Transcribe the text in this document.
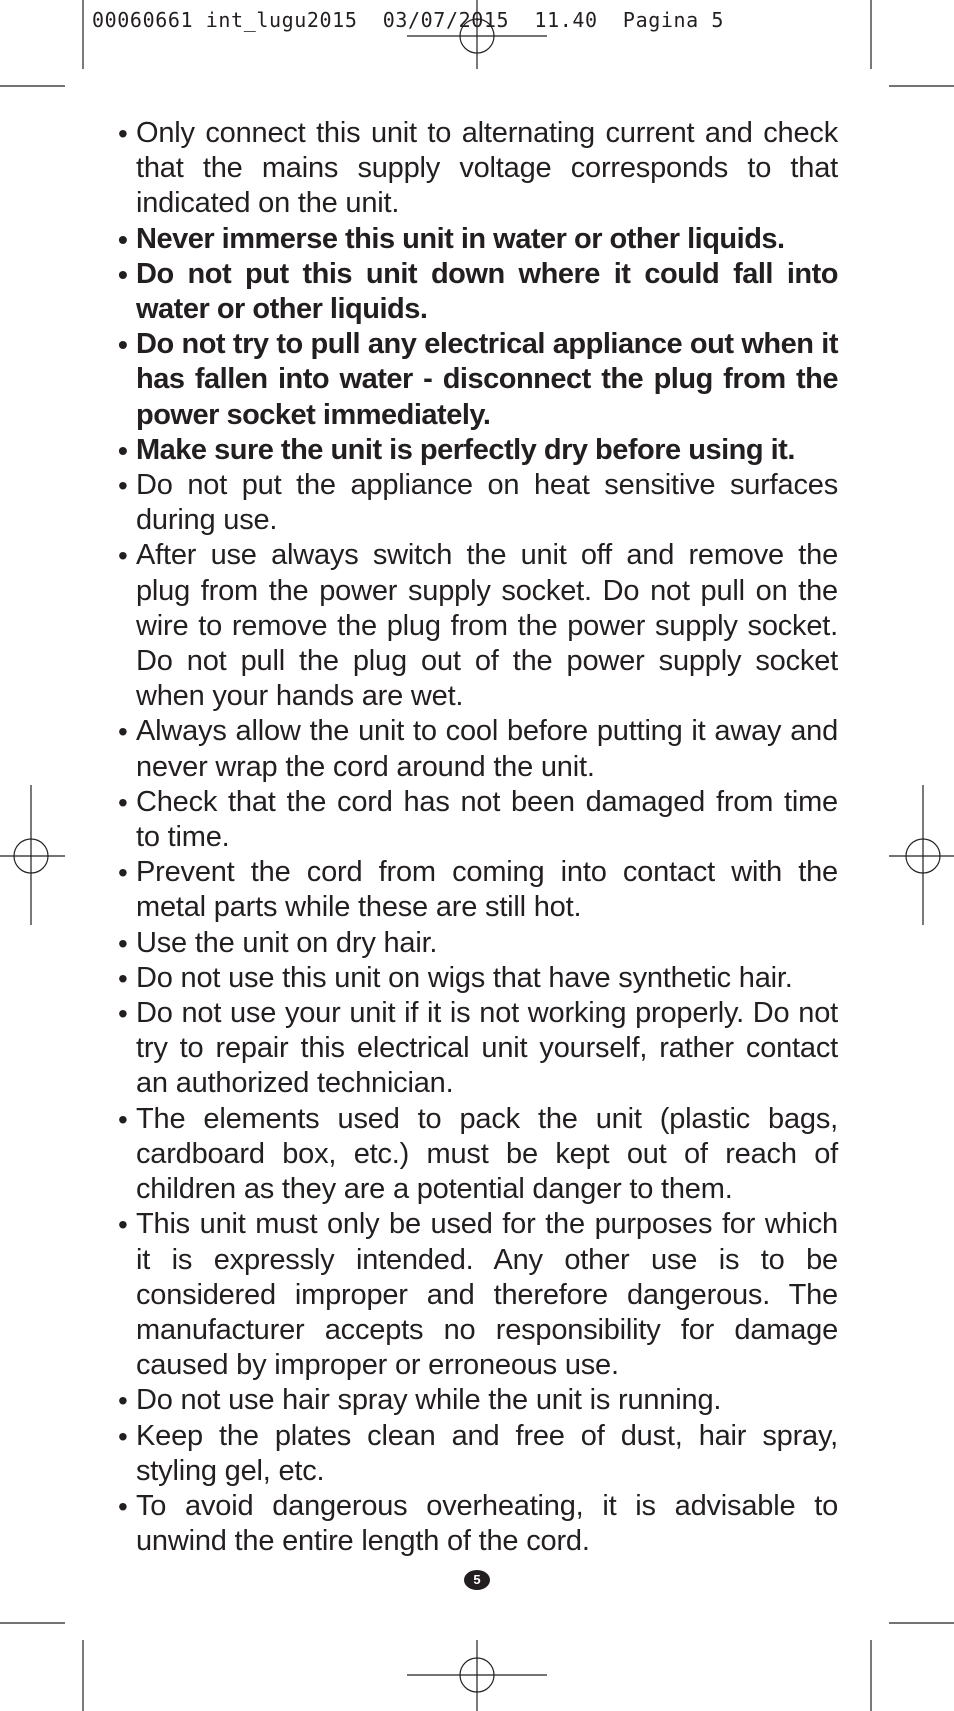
00060661 int_lugu2015  03/07/2015  11.40  Pagina 5

• Only connect this unit to alternating current and check that the mains supply voltage corresponds to that indicated on the unit.
• Never immerse this unit in water or other liquids.
• Do not put this unit down where it could fall into water or other liquids.
• Do not try to pull any electrical appliance out when it has fallen into water - disconnect the plug from the power socket immediately.
• Make sure the unit is perfectly dry before using it.
• Do not put the appliance on heat sensitive surfaces during use.
• After use always switch the unit off and remove the plug from the power supply socket. Do not pull on the wire to remove the plug from the power supply socket. Do not pull the plug out of the power supply socket when your hands are wet.
• Always allow the unit to cool before putting it away and never wrap the cord around the unit.
• Check that the cord has not been damaged from time to time.
• Prevent the cord from coming into contact with the metal parts while these are still hot.
• Use the unit on dry hair.
• Do not use this unit on wigs that have synthetic hair.
• Do not use your unit if it is not working properly. Do not try to repair this electrical unit yourself, rather contact an authorized technician.
• The elements used to pack the unit (plastic bags, cardboard box, etc.) must be kept out of reach of children as they are a potential danger to them.
• This unit must only be used for the purposes for which it is expressly intended. Any other use is to be considered improper and therefore dangerous. The manufacturer accepts no responsibility for damage caused by improper or erroneous use.
• Do not use hair spray while the unit is running.
• Keep the plates clean and free of dust, hair spray, styling gel, etc.
• To avoid dangerous overheating, it is advisable to unwind the entire length of the cord.
5
